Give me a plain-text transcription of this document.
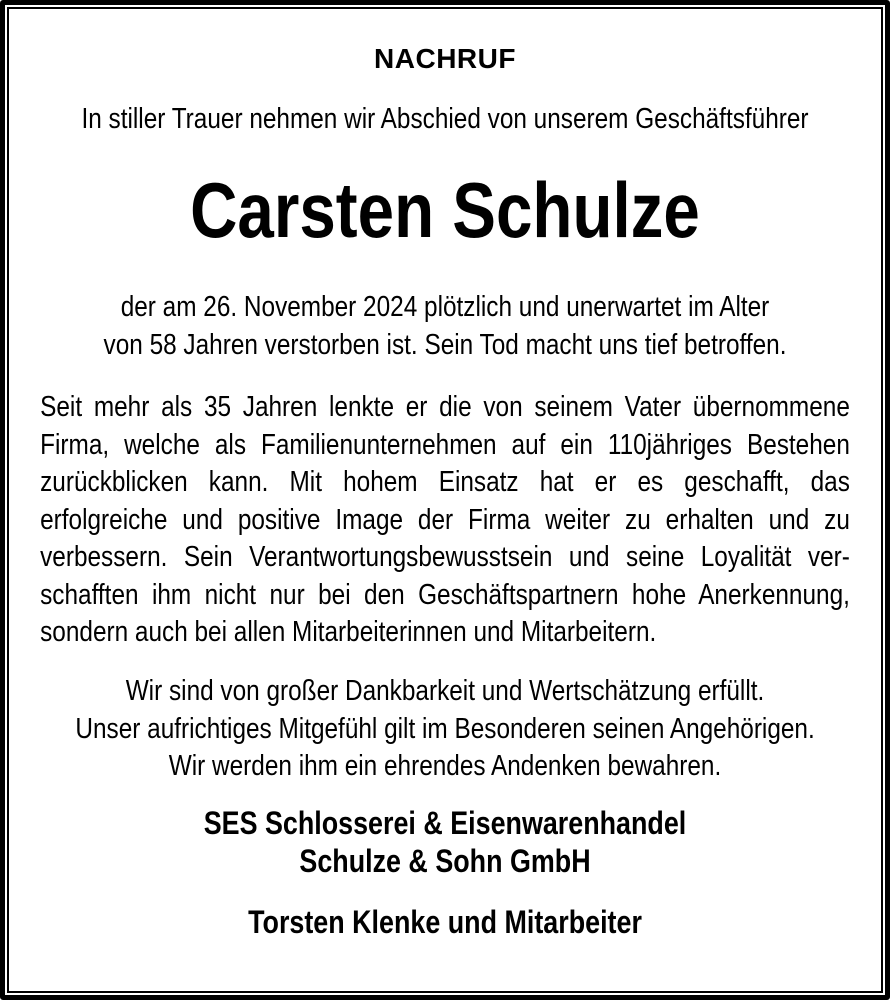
NACHRUF
In stiller Trauer nehmen wir Abschied von unserem Geschäftsführer
Carsten Schulze
der am 26. November 2024 plötzlich und unerwartet im Alter
von 58 Jahren verstorben ist. Sein Tod macht uns tief betroffen.
Seit mehr als 35 Jahren lenkte er die von seinem Vater übernommene
Firma, welche als Familienunternehmen auf ein 110jähriges Bestehen
zurückblicken kann. Mit hohem Einsatz hat er es geschafft, das
erfolgreiche und positive Image der Firma weiter zu erhalten und zu
verbessern. Sein Verantwortungsbewusstsein und seine Loyalität ver-
schafften ihm nicht nur bei den Geschäftspartnern hohe Anerkennung,
sondern auch bei allen Mitarbeiterinnen und Mitarbeitern.
Wir sind von großer Dankbarkeit und Wertschätzung erfüllt.
Unser aufrichtiges Mitgefühl gilt im Besonderen seinen Angehörigen.
Wir werden ihm ein ehrendes Andenken bewahren.
SES Schlosserei & Eisenwarenhandel
Schulze & Sohn GmbH
Torsten Klenke und Mitarbeiter
